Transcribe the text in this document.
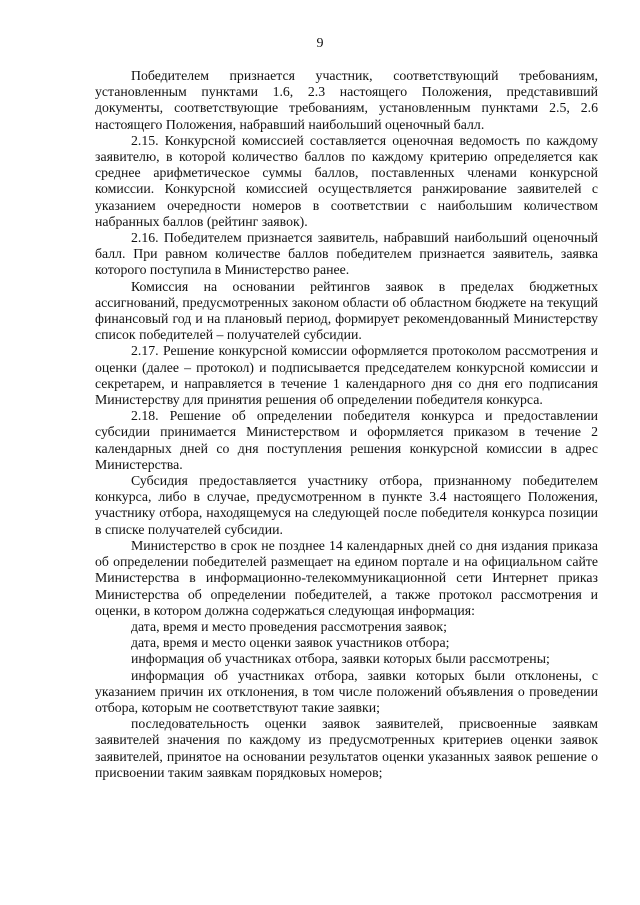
9

Победителем признается участник, соответствующий требованиям, установленным пунктами 1.6, 2.3 настоящего Положения, представивший документы, соответствующие требованиям, установленным пунктами 2.5, 2.6 настоящего Положения, набравший наибольший оценочный балл.

2.15. Конкурсной комиссией составляется оценочная ведомость по каждому заявителю, в которой количество баллов по каждому критерию определяется как среднее арифметическое суммы баллов, поставленных членами конкурсной комиссии. Конкурсной комиссией осуществляется ранжирование заявителей с указанием очередности номеров в соответствии с наибольшим количеством набранных баллов (рейтинг заявок).

2.16. Победителем признается заявитель, набравший наибольший оценочный балл. При равном количестве баллов победителем признается заявитель, заявка которого поступила в Министерство ранее.

Комиссия на основании рейтингов заявок в пределах бюджетных ассигнований, предусмотренных законом области об областном бюджете на текущий финансовый год и на плановый период, формирует рекомендованный Министерству список победителей – получателей субсидии.

2.17. Решение конкурсной комиссии оформляется протоколом рассмотрения и оценки (далее – протокол) и подписывается председателем конкурсной комиссии и секретарем, и направляется в течение 1 календарного дня со дня его подписания Министерству для принятия решения об определении победителя конкурса.

2.18. Решение об определении победителя конкурса и предоставлении субсидии принимается Министерством и оформляется приказом в течение 2 календарных дней со дня поступления решения конкурсной комиссии в адрес Министерства.

Субсидия предоставляется участнику отбора, признанному победителем конкурса, либо в случае, предусмотренном в пункте 3.4 настоящего Положения, участнику отбора, находящемуся на следующей после победителя конкурса позиции в списке получателей субсидии.

Министерство в срок не позднее 14 календарных дней со дня издания приказа об определении победителей размещает на едином портале и на официальном сайте Министерства в информационно-телекоммуникационной сети Интернет приказ Министерства об определении победителей, а также протокол рассмотрения и оценки, в котором должна содержаться следующая информация:

дата, время и место проведения рассмотрения заявок;

дата, время и место оценки заявок участников отбора;

информация об участниках отбора, заявки которых были рассмотрены;

информация об участниках отбора, заявки которых были отклонены, с указанием причин их отклонения, в том числе положений объявления о проведении отбора, которым не соответствуют такие заявки;

последовательность оценки заявок заявителей, присвоенные заявкам заявителей значения по каждому из предусмотренных критериев оценки заявок заявителей, принятое на основании результатов оценки указанных заявок решение о присвоении таким заявкам порядковых номеров;
